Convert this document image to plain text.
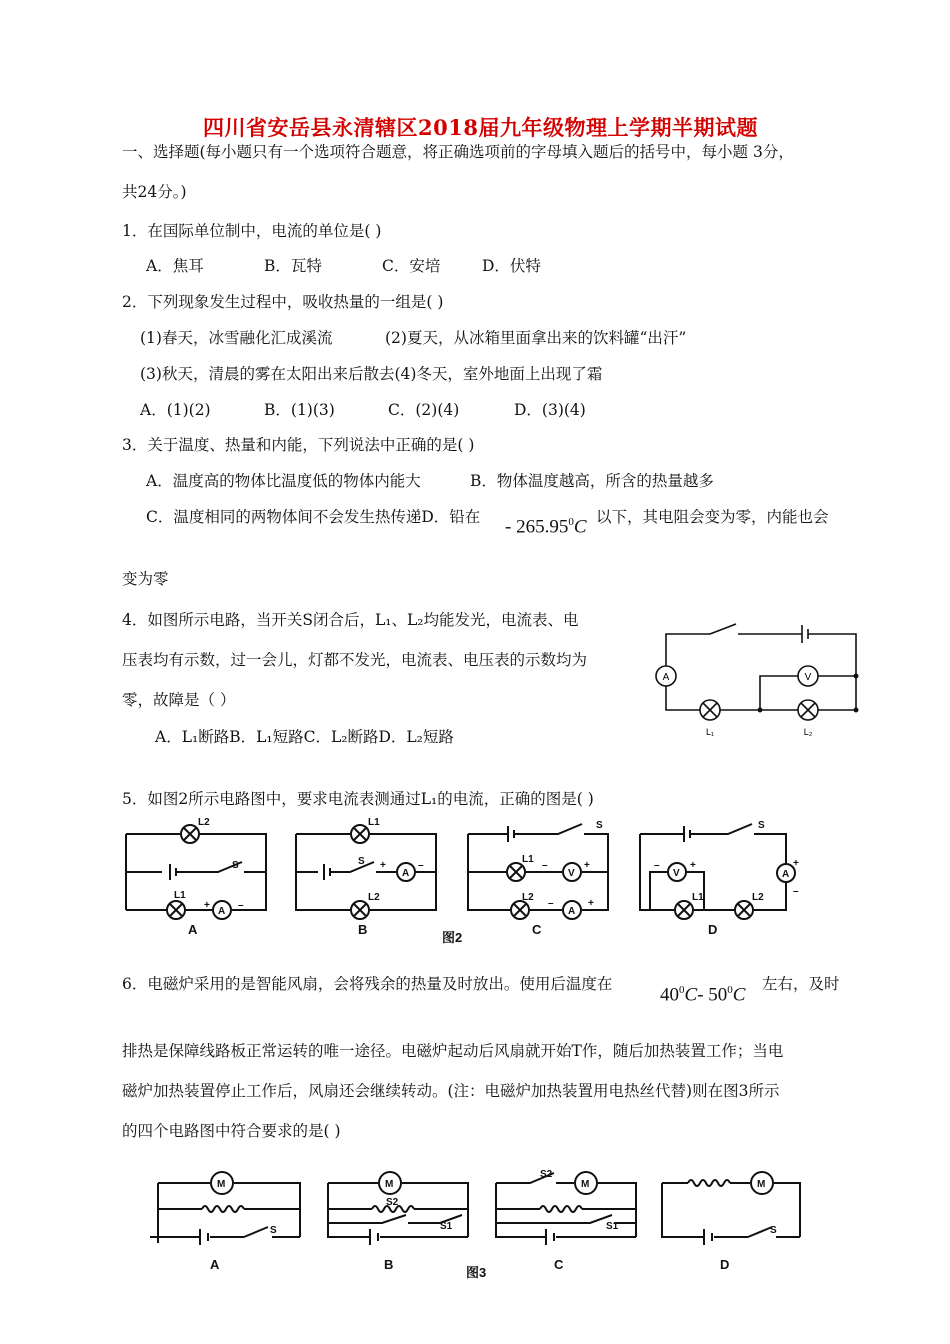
四川省安岳县永清辖区2018届九年级物理上学期半期试题
一、选择题(每小题只有一个选项符合题意，将正确选项前的字母填入题后的括号中，每小题 3分，
共24分。)
1．在国际单位制中，电流的单位是( )
A．焦耳	B．瓦特	C．安培	D．伏特
2．下列现象发生过程中，吸收热量的一组是( )
(1)春天，冰雪融化汇成溪流	(2)夏天，从冰箱里面拿出来的饮料罐“出汗”
(3)秋天，清晨的雾在太阳出来后散去(4)冬天，室外地面上出现了霜
A．(1)(2)	B．(1)(3)	C．(2)(4)	D．(3)(4)
3．关于温度、热量和内能，下列说法中正确的是( )
A．温度高的物体比温度低的物体内能大	B．物体温度越高，所含的热量越多
C．温度相同的两物体间不会发生热传递D．铅在 - 265.95$^0$C 以下，其电阻会变为零，内能也会
变为零
4．如图所示电路，当开关S闭合后，L₁、L₂均能发光，电流表、电
压表均有示数，过一会儿，灯都不发光，电流表、电压表的示数均为
零，故障是（ ）
A．L₁断路B．L₁短路C．L₂断路D．L₂短路
A	V
L₁	L₂
5．如图2所示电路图中，要求电流表测通过L₁的电流，正确的图是( )
L2
S
L1
+
A
–
L1
S +
A
–
L2
S
L1
–
V
+
L2
–
A
+
S
–
V
+
L1	L2
+
A
–
A	B	C	D
图2
6．电磁炉采用的是智能风扇，会将残余的热量及时放出。使用后温度在
$40^0C-$ $50^0C$
左右，及时
排热是保障线路板正常运转的唯一途径。电磁炉起动后风扇就开始T作，随后加热装置工作；当电
磁炉加热装置停止工作后，风扇还会继续转动。(注：电磁炉加热装置用电热丝代替)则在图3所示
的四个电路图中符合要求的是( )
M
S
M
S2
S1
M
S2
S1
M
S
A	B	C	D
图3
